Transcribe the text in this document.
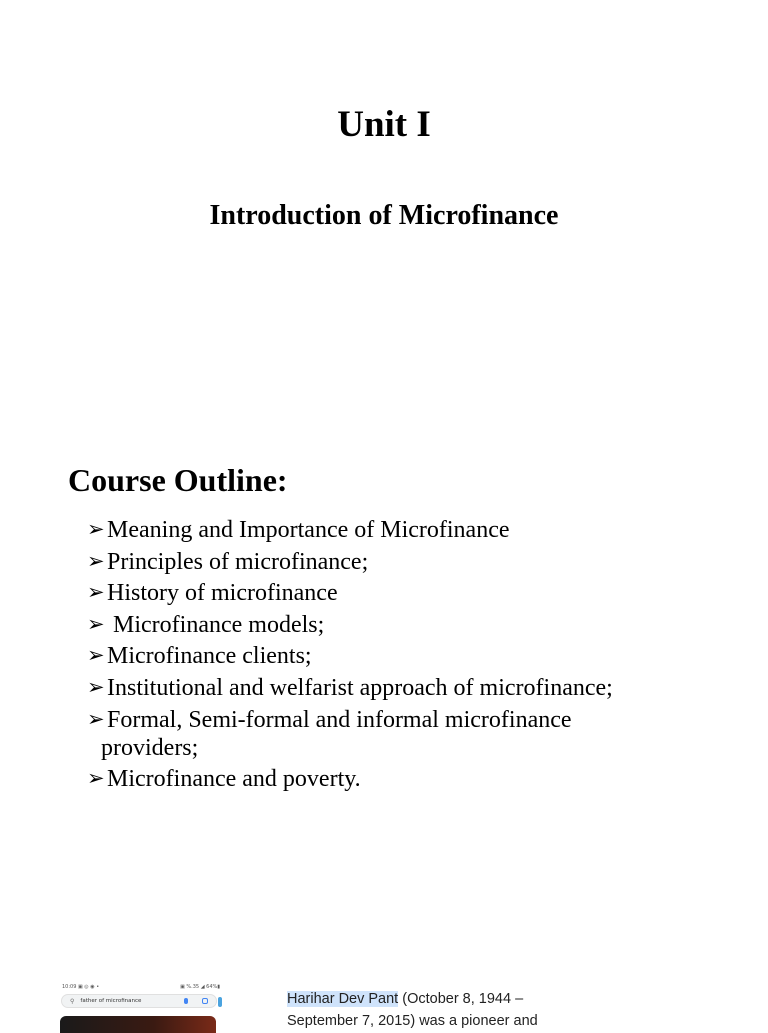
Unit I
Introduction of Microfinance
Course Outline:
➢ Meaning and Importance of Microfinance
➢ Principles of microfinance;
➢ History of microfinance
➢ Microfinance models;
➢ Microfinance clients;
➢ Institutional and welfarist approach of microfinance;
➢ Formal, Semi-formal and informal microfinance
providers;
➢ Microfinance and poverty.
10:09 ▣ ◎ ◉ •	▣ %.35 ◢ 64%▮
⚲ father of microfinance	Harihar Dev Pant (October 8, 1944 –
September 7, 2015) was a pioneer and
